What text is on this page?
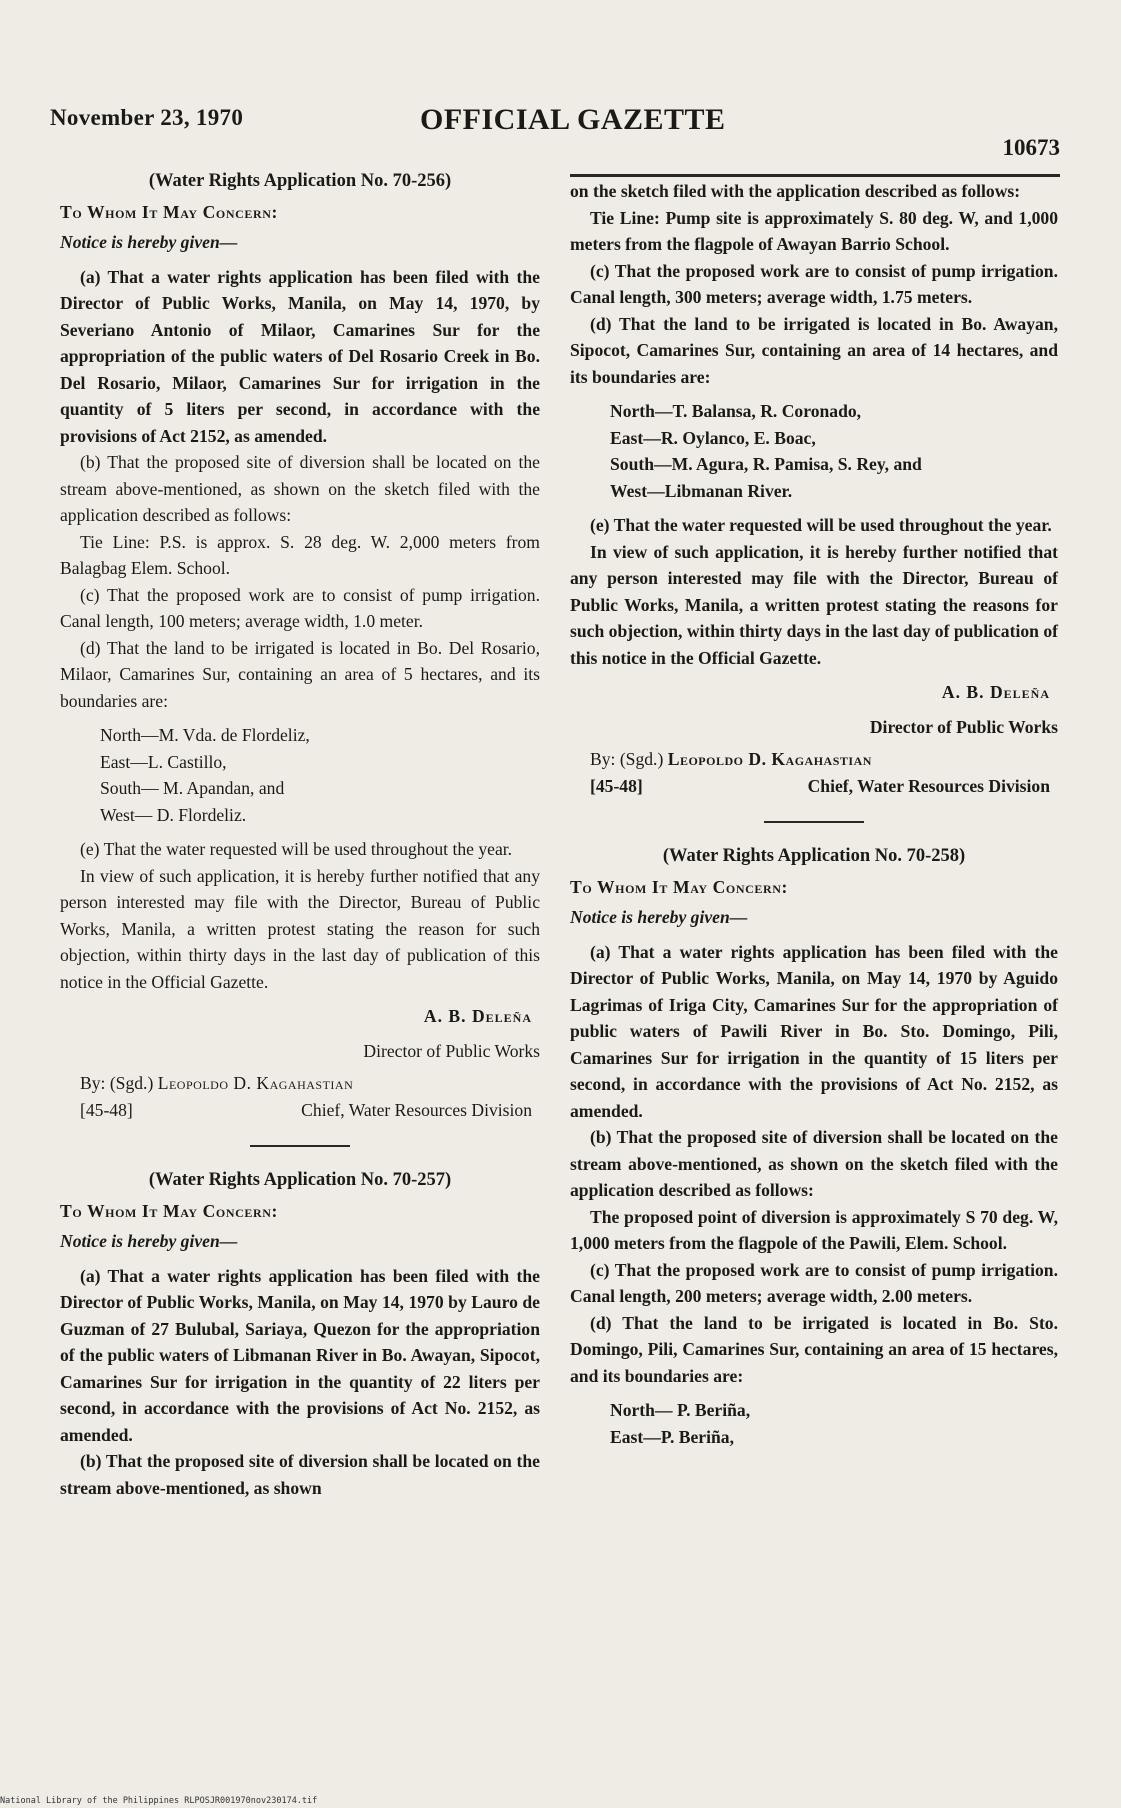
November 23, 1970	OFFICIAL GAZETTE
10673

(Water Rights Application No. 70-256)

To Whom It May Concern:

Notice is hereby given—

(a) That a water rights application has been filed with the Director of Public Works, Manila, on May 14, 1970, by Severiano Antonio of Milaor, Camarines Sur for the appropriation of the public waters of Del Rosario Creek in Bo. Del Rosario, Milaor, Camarines Sur for irrigation in the quantity of 5 liters per second, in accordance with the provisions of Act 2152, as amended.

(b) That the proposed site of diversion shall be located on the stream above-mentioned, as shown on the sketch filed with the application described as follows:

Tie Line: P.S. is approx. S. 28 deg. W. 2,000 meters from Balagbag Elem. School.

(c) That the proposed work are to consist of pump irrigation. Canal length, 100 meters; average width, 1.0 meter.

(d) That the land to be irrigated is located in Bo. Del Rosario, Milaor, Camarines Sur, containing an area of 5 hectares, and its boundaries are:

North—M. Vda. de Flordeliz,
East—L. Castillo,
South— M. Apandan, and
West— D. Flordeliz.

(e) That the water requested will be used throughout the year.

In view of such application, it is hereby further notified that any person interested may file with the Director, Bureau of Public Works, Manila, a written protest stating the reason for such objection, within thirty days in the last day of publication of this notice in the Official Gazette.

A. B. Deleña

Director of Public Works

By: (Sgd.) Leopoldo D. Kagahastian

[45-48]	Chief, Water Resources Division

(Water Rights Application No. 70-257)

To Whom It May Concern:

Notice is hereby given—

(a) That a water rights application has been filed with the Director of Public Works, Manila, on May 14, 1970 by Lauro de Guzman of 27 Bulubal, Sariaya, Quezon for the appropriation of the public waters of Libmanan River in Bo. Awayan, Sipocot, Camarines Sur for irrigation in the quantity of 22 liters per second, in accordance with the provisions of Act No. 2152, as amended.

(b) That the proposed site of diversion shall be located on the stream above-mentioned, as shown

on the sketch filed with the application described as follows:

Tie Line: Pump site is approximately S. 80 deg. W, and 1,000 meters from the flagpole of Awayan Barrio School.

(c) That the proposed work are to consist of pump irrigation. Canal length, 300 meters; average width, 1.75 meters.

(d) That the land to be irrigated is located in Bo. Awayan, Sipocot, Camarines Sur, containing an area of 14 hectares, and its boundaries are:

North—T. Balansa, R. Coronado,
East—R. Oylanco, E. Boac,
South—M. Agura, R. Pamisa, S. Rey, and
West—Libmanan River.

(e) That the water requested will be used throughout the year.

In view of such application, it is hereby further notified that any person interested may file with the Director, Bureau of Public Works, Manila, a written protest stating the reasons for such objection, within thirty days in the last day of publication of this notice in the Official Gazette.

A. B. Deleña

Director of Public Works

By: (Sgd.) Leopoldo D. Kagahastian

[45-48]	Chief, Water Resources Division

(Water Rights Application No. 70-258)

To Whom It May Concern:

Notice is hereby given—

(a) That a water rights application has been filed with the Director of Public Works, Manila, on May 14, 1970 by Aguido Lagrimas of Iriga City, Camarines Sur for the appropriation of public waters of Pawili River in Bo. Sto. Domingo, Pili, Camarines Sur for irrigation in the quantity of 15 liters per second, in accordance with the provisions of Act No. 2152, as amended.

(b) That the proposed site of diversion shall be located on the stream above-mentioned, as shown on the sketch filed with the application described as follows:

The proposed point of diversion is approximately S 70 deg. W, 1,000 meters from the flagpole of the Pawili, Elem. School.

(c) That the proposed work are to consist of pump irrigation. Canal length, 200 meters; average width, 2.00 meters.

(d) That the land to be irrigated is located in Bo. Sto. Domingo, Pili, Camarines Sur, containing an area of 15 hectares, and its boundaries are:

North— P. Beriña,
East—P. Beriña,
National Library of the Philippines RLPOSJR001970nov230174.tif
